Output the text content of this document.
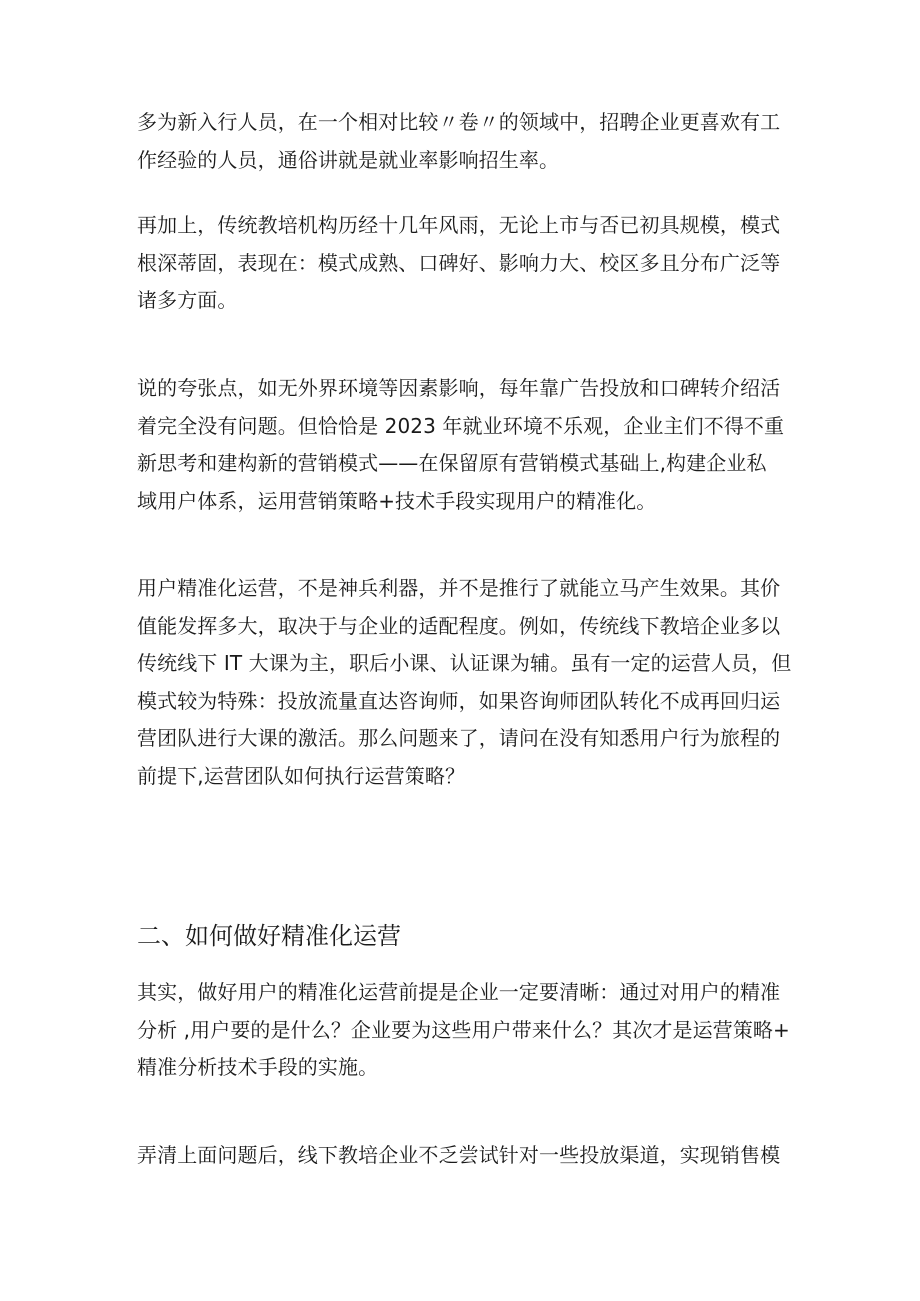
多为新入行人员，在一个相对比较〃卷〃的领域中，招聘企业更喜欢有工
作经验的人员，通俗讲就是就业率影响招生率。

再加上，传统教培机构历经十几年风雨，无论上市与否已初具规模，模式
根深蒂固，表现在：模式成熟、口碑好、影响力大、校区多且分布广泛等
诸多方面。

说的夸张点，如无外界环境等因素影响，每年靠广告投放和口碑转介绍活
着完全没有问题。但恰恰是 2023 年就业环境不乐观，企业主们不得不重
新思考和建构新的营销模式——在保留原有营销模式基础上,构建企业私
域用户体系，运用营销策略+技术手段实现用户的精准化。

用户精准化运营，不是神兵利器，并不是推行了就能立马产生效果。其价
值能发挥多大，取决于与企业的适配程度。例如，传统线下教培企业多以
传统线下 IT 大课为主，职后小课、认证课为辅。虽有一定的运营人员，但
模式较为特殊：投放流量直达咨询师，如果咨询师团队转化不成再回归运
营团队进行大课的激活。那么问题来了，请问在没有知悉用户行为旅程的
前提下,运营团队如何执行运营策略？

二、如何做好精准化运营

其实，做好用户的精准化运营前提是企业一定要清晰：通过对用户的精准
分析 ,用户要的是什么？企业要为这些用户带来什么？其次才是运营策略+
精准分析技术手段的实施。

弄清上面问题后，线下教培企业不乏尝试针对一些投放渠道，实现销售模
